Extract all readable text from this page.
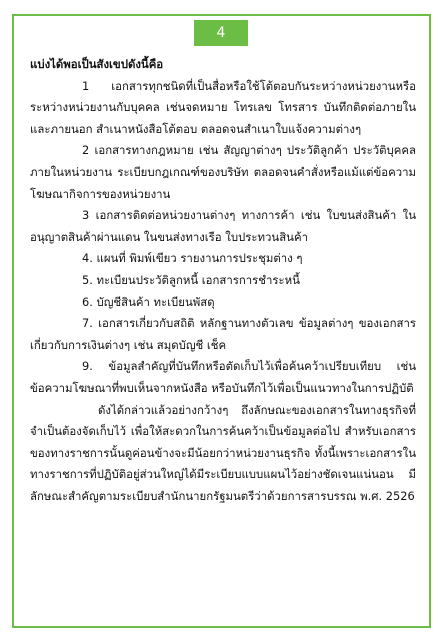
4

แบ่งได้พอเป็นสังเขปดังนี้คือ

1 เอกสารทุกชนิดที่เป็นสื่อหรือใช้โต้ตอบกันระหว่างหน่วยงานหรือระหว่างหน่วยงานกับบุคคล เช่นจดหมาย โทรเลข โทรสาร บันทึกติดต่อภายในและภายนอก สำเนาหนังสือโต้ตอบ ตลอดจนสำเนาใบแจ้งความต่างๆ

2 เอกสารทางกฎหมาย เช่น สัญญาต่างๆ ประวัติลูกค้า ประวัติบุคคลภายในหน่วยงาน ระเบียบกฎเกณฑ์ของบริษัท ตลอดจนคำสั่งหรือแม้แต่ข้อความโฆษณากิจการของหน่วยงาน

3 เอกสารติดต่อหน่วยงานต่างๆ ทางการค้า เช่น ใบขนส่งสินค้า ในอนุญาตสินค้าผ่านแดน ในขนส่งทางเรือ ใบประทวนสินค้า

4. แผนที่ พิมพ์เขียว รายงานการประชุมต่าง ๆ

5. ทะเบียนประวัติลูกหนี้ เอกสารการชำระหนี้

6. บัญชีสินค้า ทะเบียนพัสดุ

7. เอกสารเกี่ยวกับสถิติ หลักฐานทางตัวเลข ข้อมูลต่างๆ ของเอกสารเกี่ยวกับการเงินต่างๆ เช่น สมุดบัญชี เช็ค

9. ข้อมูลสำคัญที่บันทึกหรือตัดเก็บไว้เพื่อค้นคว้าเปรียบเทียบ เช่น ข้อความโฆษณาที่พบเห็นจากหนังสือ หรือบันทึกไว้เพื่อเป็นแนวทางในการปฏิบัติ

ดังได้กล่าวแล้วอย่างกว้างๆ ถึงลักษณะของเอกสารในทางธุรกิจที่จำเป็นต้องจัดเก็บไว้ เพื่อให้สะดวกในการค้นคว้าเป็นข้อมูลต่อไป สำหรับเอกสารของทางราชการนั้นดูค่อนข้างจะมีน้อยกว่าหน่วยงานธุรกิจ ทั้งนี้เพราะเอกสารในทางราชการที่ปฏิบัติอยู่ส่วนใหญ่ได้มีระเบียบแบบแผนไว้อย่างชัดเจนแน่นอน มีลักษณะสำคัญตามระเบียบสำนักนายกรัฐมนตรีว่าด้วยการสารบรรณ พ.ศ. 2526
